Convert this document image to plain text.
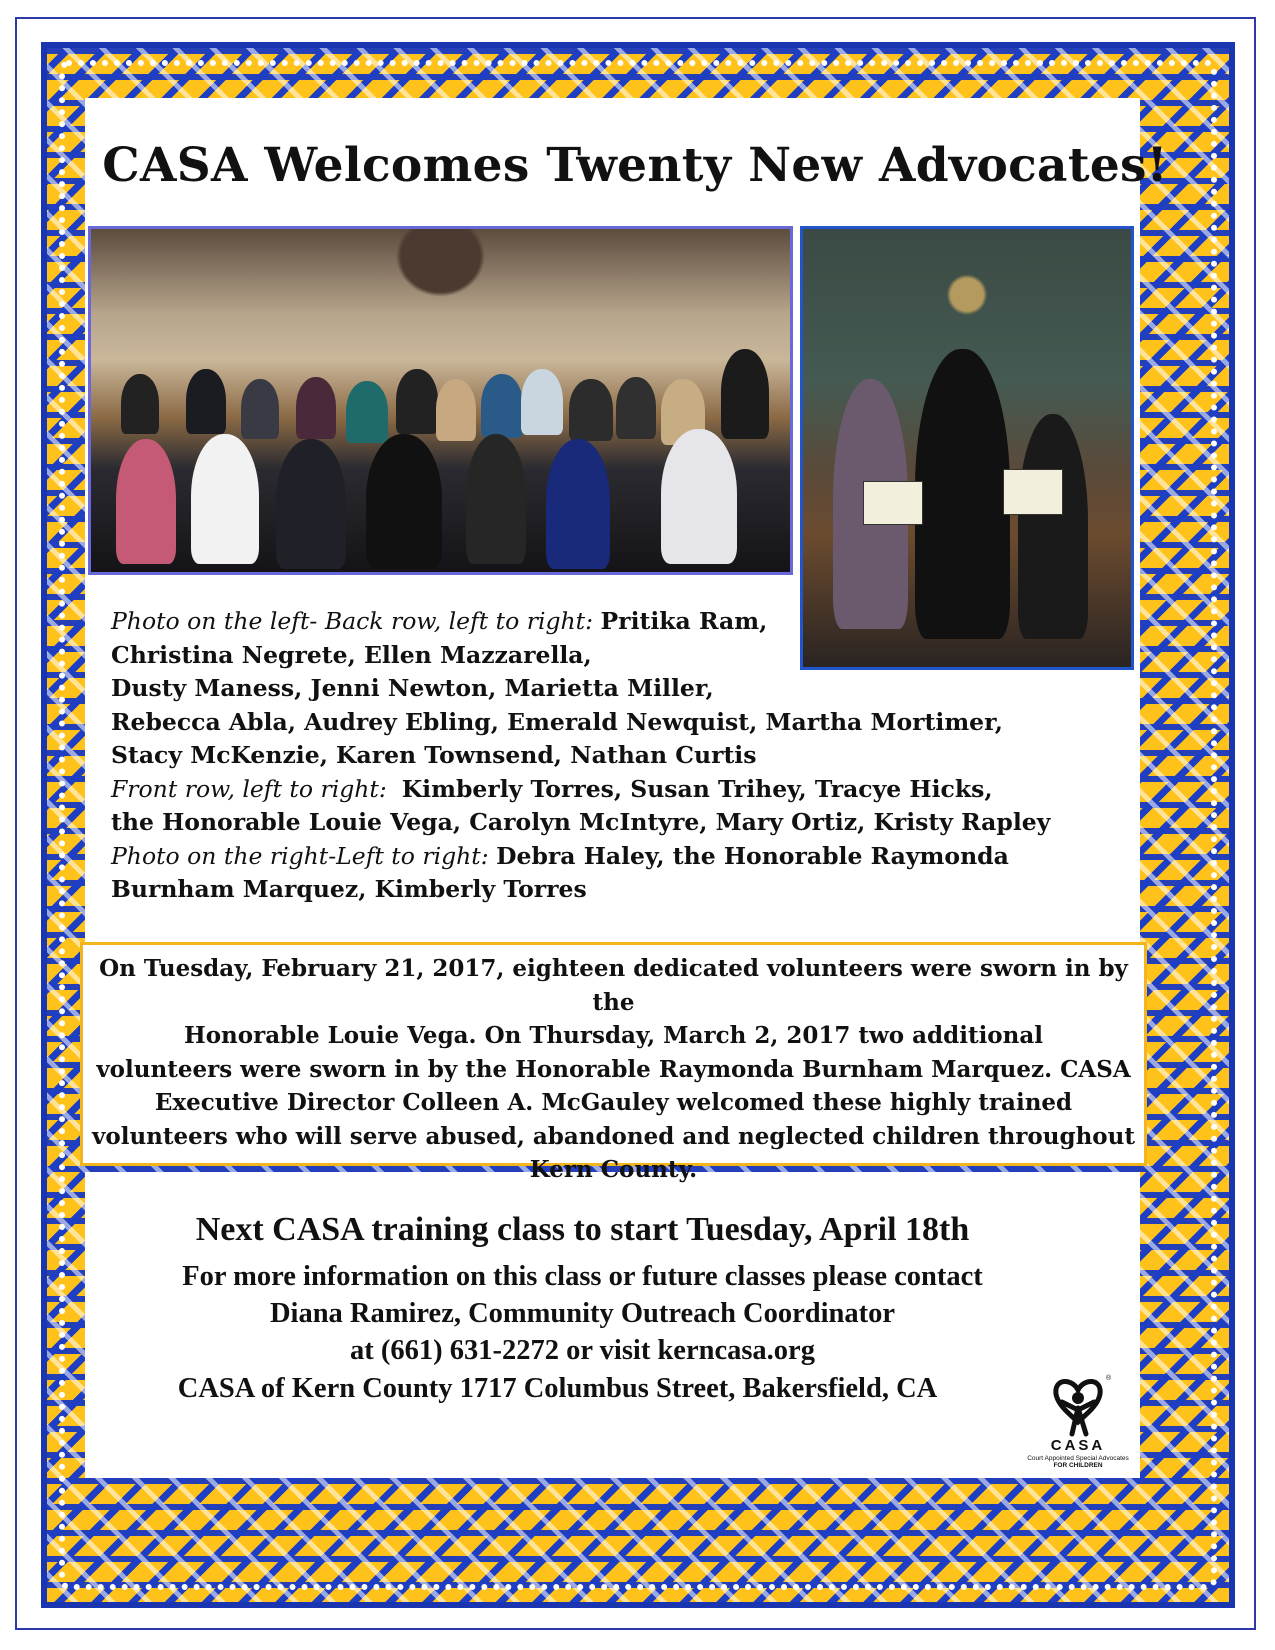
CASA Welcomes Twenty New Advocates!

Photo on the left- Back row, left to right: Pritika Ram,
Christina Negrete, Ellen Mazzarella,
Dusty Maness, Jenni Newton, Marietta Miller,
Rebecca Abla, Audrey Ebling, Emerald Newquist, Martha Mortimer,
Stacy McKenzie, Karen Townsend, Nathan Curtis
Front row, left to right: Kimberly Torres, Susan Trihey, Tracye Hicks,
the Honorable Louie Vega, Carolyn McIntyre, Mary Ortiz, Kristy Rapley
Photo on the right-Left to right: Debra Haley, the Honorable Raymonda
Burnham Marquez, Kimberly Torres

On Tuesday, February 21, 2017, eighteen dedicated volunteers were sworn in by the
Honorable Louie Vega. On Thursday, March 2, 2017 two additional
volunteers were sworn in by the Honorable Raymonda Burnham Marquez. CASA
Executive Director Colleen A. McGauley welcomed these highly trained
volunteers who will serve abused, abandoned and neglected children throughout
Kern County.

Next CASA training class to start Tuesday, April 18th
For more information on this class or future classes please contact
Diana Ramirez, Community Outreach Coordinator
at (661) 631-2272 or visit kerncasa.org
CASA of Kern County 1717 Columbus Street, Bakersfield, CA	®
CASA
Court Appointed Special Advocates
FOR CHILDREN
